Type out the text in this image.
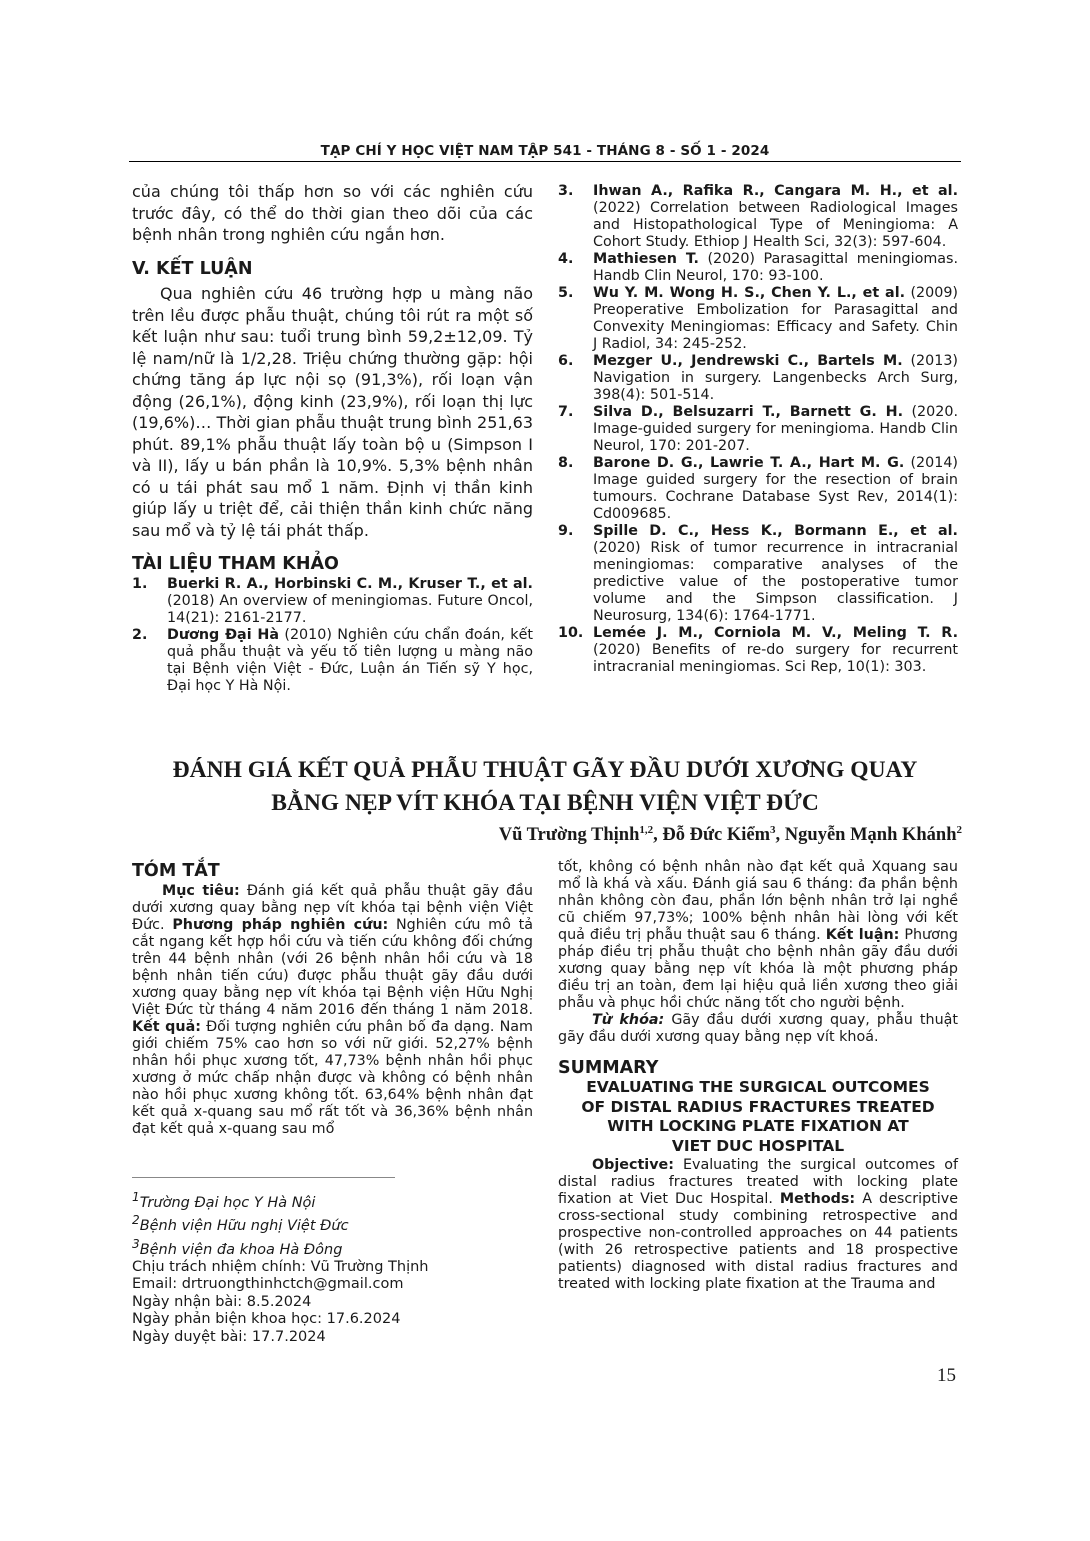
TẠP CHÍ Y HỌC VIỆT NAM TẬP 541 - THÁNG 8 - SỐ 1 - 2024

của chúng tôi thấp hơn so với các nghiên cứu trước đây, có thể do thời gian theo dõi của các bệnh nhân trong nghiên cứu ngắn hơn.

V. KẾT LUẬN

Qua nghiên cứu 46 trường hợp u màng não trên lều được phẫu thuật, chúng tôi rút ra một số kết luận như sau: tuổi trung bình 59,2±12,09. Tỷ lệ nam/nữ là 1/2,28. Triệu chứng thường gặp: hội chứng tăng áp lực nội sọ (91,3%), rối loạn vận động (26,1%), động kinh (23,9%), rối loạn thị lực (19,6%)… Thời gian phẫu thuật trung bình 251,63 phút. 89,1% phẫu thuật lấy toàn bộ u (Simpson I và II), lấy u bán phần là 10,9%. 5,3% bệnh nhân có u tái phát sau mổ 1 năm. Định vị thần kinh giúp lấy u triệt để, cải thiện thần kinh chức năng sau mổ và tỷ lệ tái phát thấp.

TÀI LIỆU THAM KHẢO
1. Buerki R. A., Horbinski C. M., Kruser T., et al. (2018) An overview of meningiomas. Future Oncol, 14(21): 2161-2177.
2. Dương Đại Hà (2010) Nghiên cứu chẩn đoán, kết quả phẫu thuật và yếu tố tiên lượng u màng não tại Bệnh viện Việt - Đức, Luận án Tiến sỹ Y học, Đại học Y Hà Nội.
3. Ihwan A., Rafika R., Cangara M. H., et al. (2022) Correlation between Radiological Images and Histopathological Type of Meningioma: A Cohort Study. Ethiop J Health Sci, 32(3): 597-604.
4. Mathiesen T. (2020) Parasagittal meningiomas. Handb Clin Neurol, 170: 93-100.
5. Wu Y. M. Wong H. S., Chen Y. L., et al. (2009) Preoperative Embolization for Parasagittal and Convexity Meningiomas: Efficacy and Safety. Chin J Radiol, 34: 245-252.
6. Mezger U., Jendrewski C., Bartels M. (2013) Navigation in surgery. Langenbecks Arch Surg, 398(4): 501-514.
7. Silva D., Belsuzarri T., Barnett G. H. (2020. Image-guided surgery for meningioma. Handb Clin Neurol, 170: 201-207.
8. Barone D. G., Lawrie T. A., Hart M. G. (2014) Image guided surgery for the resection of brain tumours. Cochrane Database Syst Rev, 2014(1): Cd009685.
9. Spille D. C., Hess K., Bormann E., et al. (2020) Risk of tumor recurrence in intracranial meningiomas: comparative analyses of the predictive value of the postoperative tumor volume and the Simpson classification. J Neurosurg, 134(6): 1764-1771.
10. Lemée J. M., Corniola M. V., Meling T. R. (2020) Benefits of re-do surgery for recurrent intracranial meningiomas. Sci Rep, 10(1): 303.
ĐÁNH GIÁ KẾT QUẢ PHẪU THUẬT GÃY ĐẦU DƯỚI XƯƠNG QUAY
BẰNG NẸP VÍT KHÓA TẠI BỆNH VIỆN VIỆT ĐỨC
Vũ Trường Thịnh$^{1,2}$, Đỗ Đức Kiểm$^3$, Nguyễn Mạnh Khánh$^2$
TÓM TẮT

Mục tiêu: Đánh giá kết quả phẫu thuật gãy đầu dưới xương quay bằng nẹp vít khóa tại bệnh viện Việt Đức. Phương pháp nghiên cứu: Nghiên cứu mô tả cắt ngang kết hợp hồi cứu và tiến cứu không đối chứng trên 44 bệnh nhân (với 26 bệnh nhân hồi cứu và 18 bệnh nhân tiến cứu) được phẫu thuật gãy đầu dưới xương quay bằng nẹp vít khóa tại Bệnh viện Hữu Nghị Việt Đức từ tháng 4 năm 2016 đến tháng 1 năm 2018. Kết quả: Đối tượng nghiên cứu phân bố đa dạng. Nam giới chiếm 75% cao hơn so với nữ giới. 52,27% bệnh nhân hồi phục xương tốt, 47,73% bệnh nhân hồi phục xương ở mức chấp nhận được và không có bệnh nhân nào hồi phục xương không tốt. 63,64% bệnh nhân đạt kết quả x-quang sau mổ rất tốt và 36,36% bệnh nhân đạt kết quả x-quang sau mổ

$^1$Trường Đại học Y Hà Nội
$^2$Bệnh viện Hữu nghị Việt Đức
$^3$Bệnh viện đa khoa Hà Đông
Chịu trách nhiệm chính: Vũ Trường Thịnh
Email: drtruongthinhctch@gmail.com
Ngày nhận bài: 8.5.2024
Ngày phản biện khoa học: 17.6.2024
Ngày duyệt bài: 17.7.2024

tốt, không có bệnh nhân nào đạt kết quả Xquang sau mổ là khá và xấu. Đánh giá sau 6 tháng: đa phần bệnh nhân không còn đau, phần lớn bệnh nhân trở lại nghề cũ chiếm 97,73%; 100% bệnh nhân hài lòng với kết quả điều trị phẫu thuật sau 6 tháng. Kết luận: Phương pháp điều trị phẫu thuật cho bệnh nhân gãy đầu dưới xương quay bằng nẹp vít khóa là một phương pháp điều trị an toàn, đem lại hiệu quả liền xương theo giải phẫu và phục hồi chức năng tốt cho người bệnh.

Từ khóa: Gãy đầu dưới xương quay, phẫu thuật gãy đầu dưới xương quay bằng nẹp vít khoá.

SUMMARY
EVALUATING THE SURGICAL OUTCOMES
OF DISTAL RADIUS FRACTURES TREATED
WITH LOCKING PLATE FIXATION AT
VIET DUC HOSPITAL

Objective: Evaluating the surgical outcomes of distal radius fractures treated with locking plate fixation at Viet Duc Hospital. Methods: A descriptive cross-sectional study combining retrospective and prospective non-controlled approaches on 44 patients (with 26 retrospective patients and 18 prospective patients) diagnosed with distal radius fractures and treated with locking plate fixation at the Trauma and

15
